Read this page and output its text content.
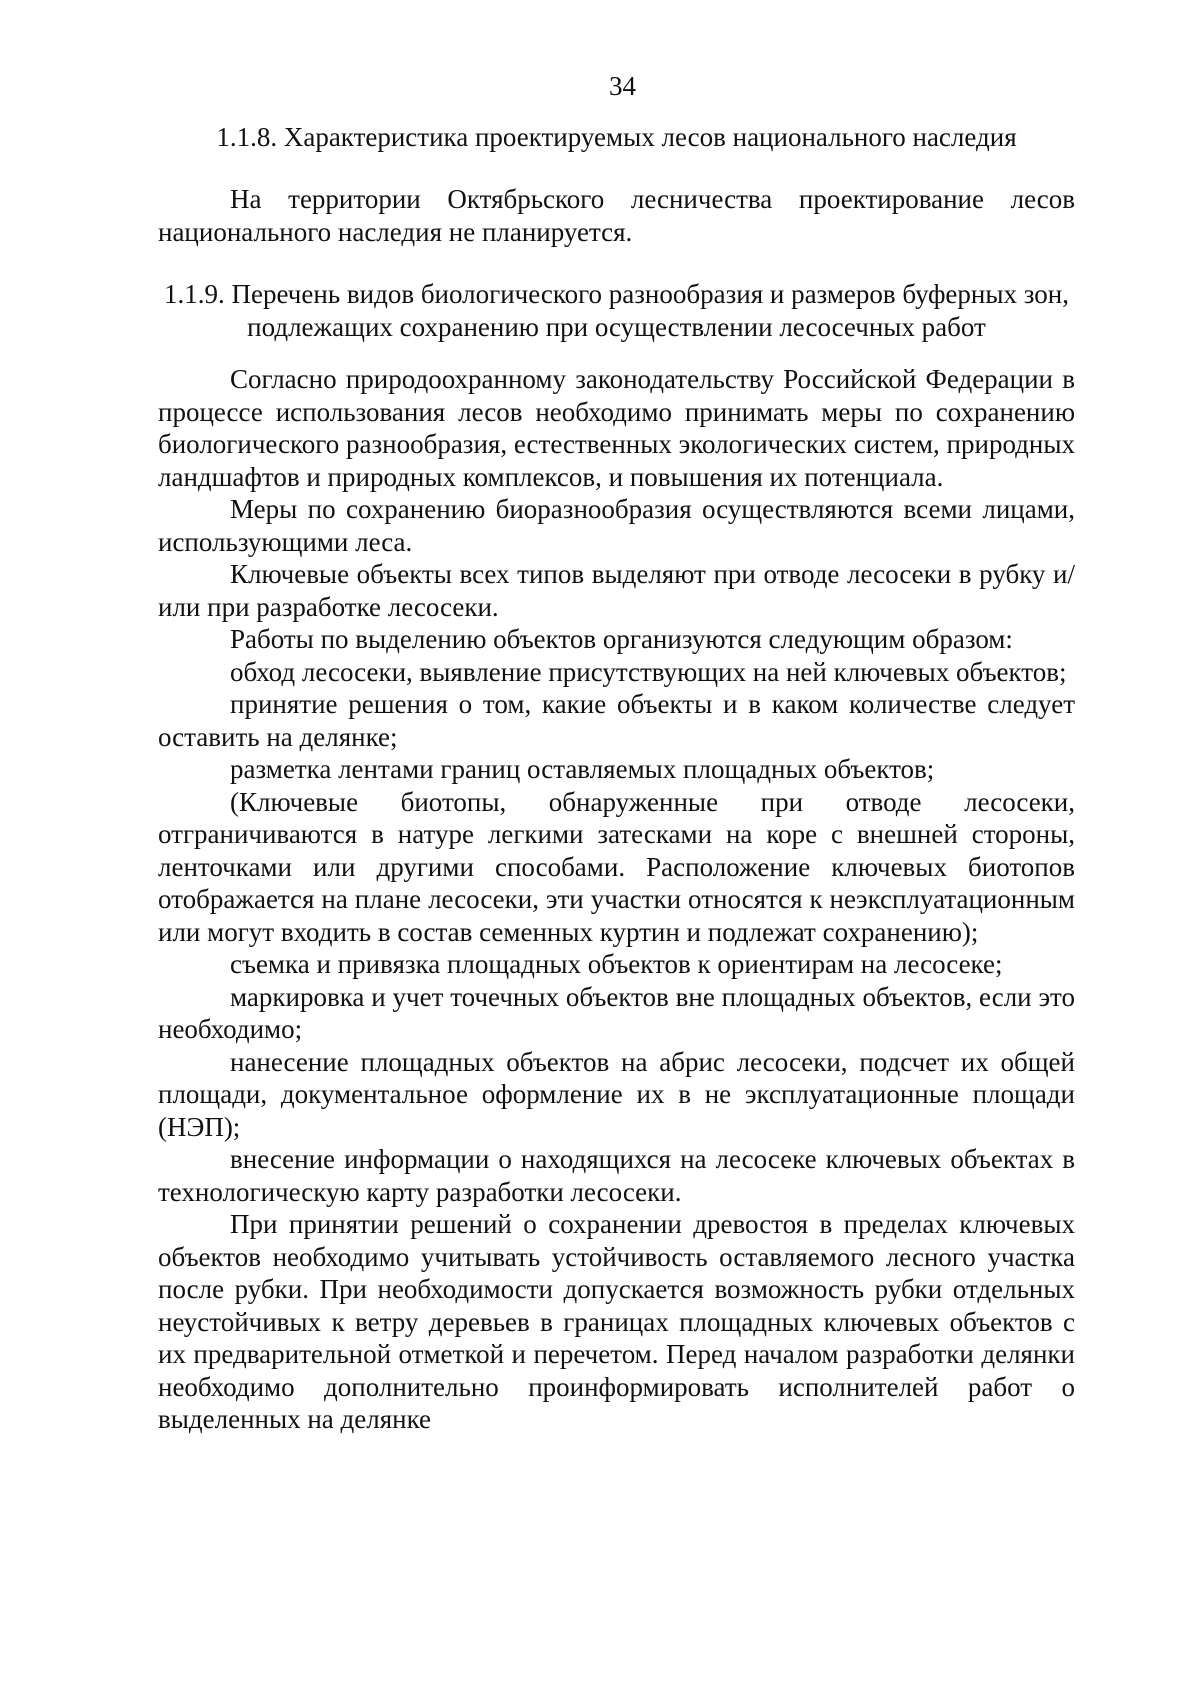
34
1.1.8. Характеристика проектируемых лесов национального наследия

На территории Октябрьского лесничества проектирование лесов национального наследия не планируется.

1.1.9. Перечень видов биологического разнообразия и размеров буферных зон, подлежащих сохранению при осуществлении лесосечных работ

Согласно природоохранному законодательству Российской Федерации в процессе использования лесов необходимо принимать меры по сохранению биологического разнообразия, естественных экологических систем, природных ландшафтов и природных комплексов, и повышения их потенциала.

Меры по сохранению биоразнообразия осуществляются всеми лицами, использующими леса.

Ключевые объекты всех типов выделяют при отводе лесосеки в рубку и/или при разработке лесосеки.

Работы по выделению объектов организуются следующим образом:

обход лесосеки, выявление присутствующих на ней ключевых объектов;

принятие решения о том, какие объекты и в каком количестве следует оставить на делянке;

разметка лентами границ оставляемых площадных объектов;

(Ключевые биотопы, обнаруженные при отводе лесосеки, отграничиваются в натуре легкими затесками на коре с внешней стороны, ленточками или другими способами. Расположение ключевых биотопов отображается на плане лесосеки, эти участки относятся к неэксплуатационным или могут входить в состав семенных куртин и подлежат сохранению);

съемка и привязка площадных объектов к ориентирам на лесосеке;

маркировка и учет точечных объектов вне площадных объектов, если это необходимо;

нанесение площадных объектов на абрис лесосеки, подсчет их общей площади, документальное оформление их в не эксплуатационные площади (НЭП);

внесение информации о находящихся на лесосеке ключевых объектах в технологическую карту разработки лесосеки.

При принятии решений о сохранении древостоя в пределах ключевых объектов необходимо учитывать устойчивость оставляемого лесного участка после рубки. При необходимости допускается возможность рубки отдельных неустойчивых к ветру деревьев в границах площадных ключевых объектов с их предварительной отметкой и перечетом. Перед началом разработки делянки необходимо дополнительно проинформировать исполнителей работ о выделенных на делянке
